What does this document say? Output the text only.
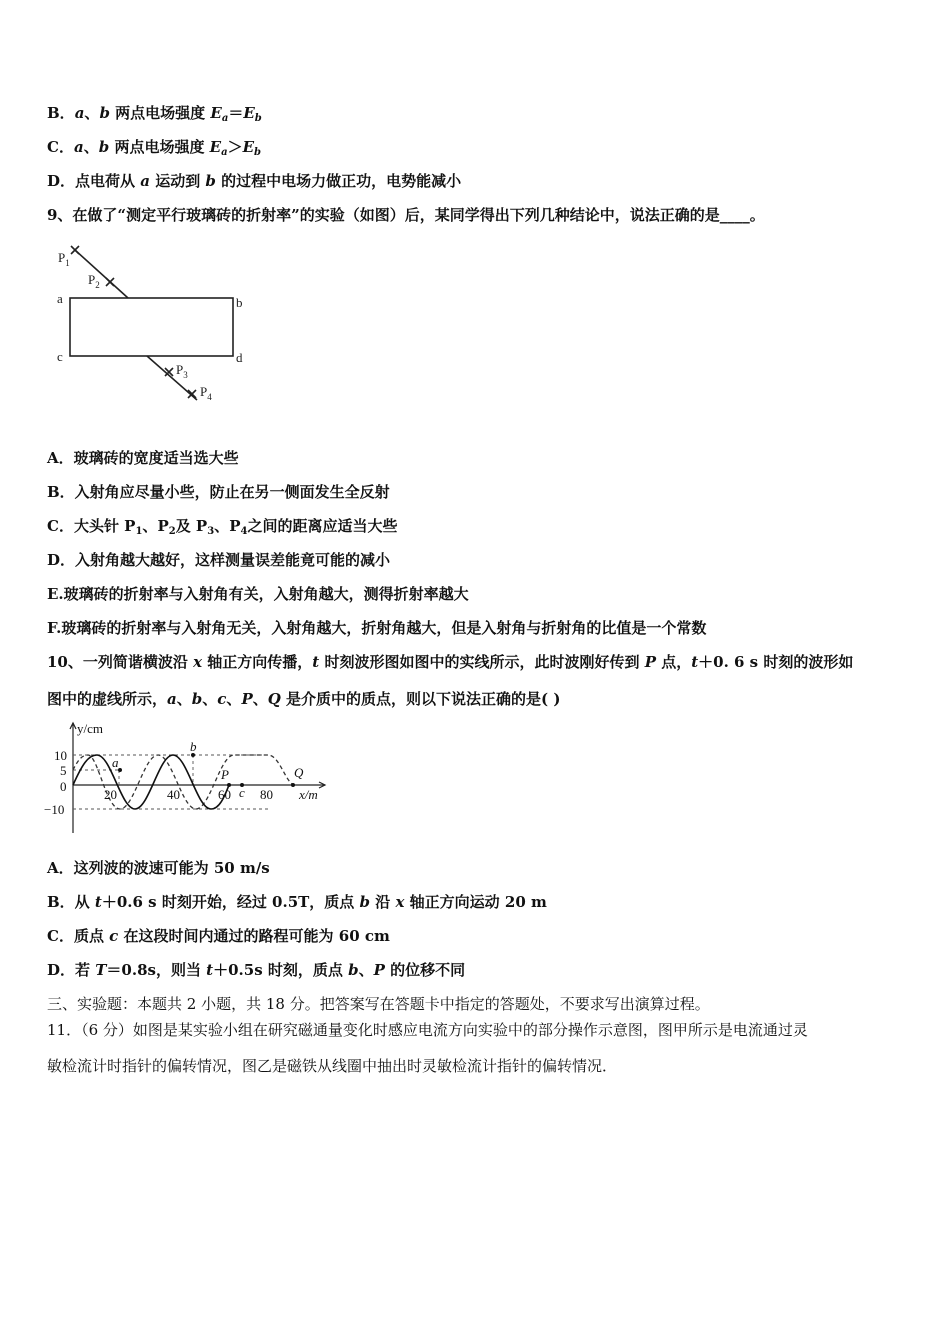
B．a、b 两点电场强度 $E_a=E_b$
C．a、b 两点电场强度 $E_a>E_b$
D．点电荷从 a 运动到 b 的过程中电场力做正功，电势能减小
9、在做了“测定平行玻璃砖的折射率”的实验（如图）后，某同学得出下列几种结论中，说法正确的是____。
$P_1$
$P_2$
$P_3$
$P_4$
a	b
c	d
A．玻璃砖的宽度适当选大些
B．入射角应尽量小些，防止在另一侧面发生全反射
C．大头针 $P_1$、$P_2$及 $P_3$、$P_4$之间的距离应适当大些
D．入射角越大越好，这样测量误差能竟可能的减小
E.玻璃砖的折射率与入射角有关，入射角越大，测得折射率越大
F.玻璃砖的折射率与入射角无关，入射角越大，折射角越大，但是入射角与折射角的比值是一个常数
10、一列简谐横波沿 x 轴正方向传播，t 时刻波形图如图中的实线所示，此时波刚好传到 P 点，t＋0. 6 s 时刻的波形如
图中的虚线所示，a、b、c、P、Q 是介质中的质点，则以下说法正确的是( )
y/cm
x/m
10
5
0
−10
20	40	60 80
a
b
P
c
Q
A．这列波的波速可能为 50 m/s
B．从 t＋0.6 s 时刻开始，经过 0.5T，质点 b 沿 x 轴正方向运动 20 m
C．质点 c 在这段时间内通过的路程可能为 60 cm
D．若 T＝0.8s，则当 t＋0.5s 时刻，质点 b、P 的位移不同
三、实验题：本题共 2 小题，共 18 分。把答案写在答题卡中指定的答题处，不要求写出演算过程。
11．（6 分）如图是某实验小组在研究磁通量变化时感应电流方向实验中的部分操作示意图，图甲所示是电流通过灵
敏检流计时指针的偏转情况，图乙是磁铁从线圈中抽出时灵敏检流计指针的偏转情况．
